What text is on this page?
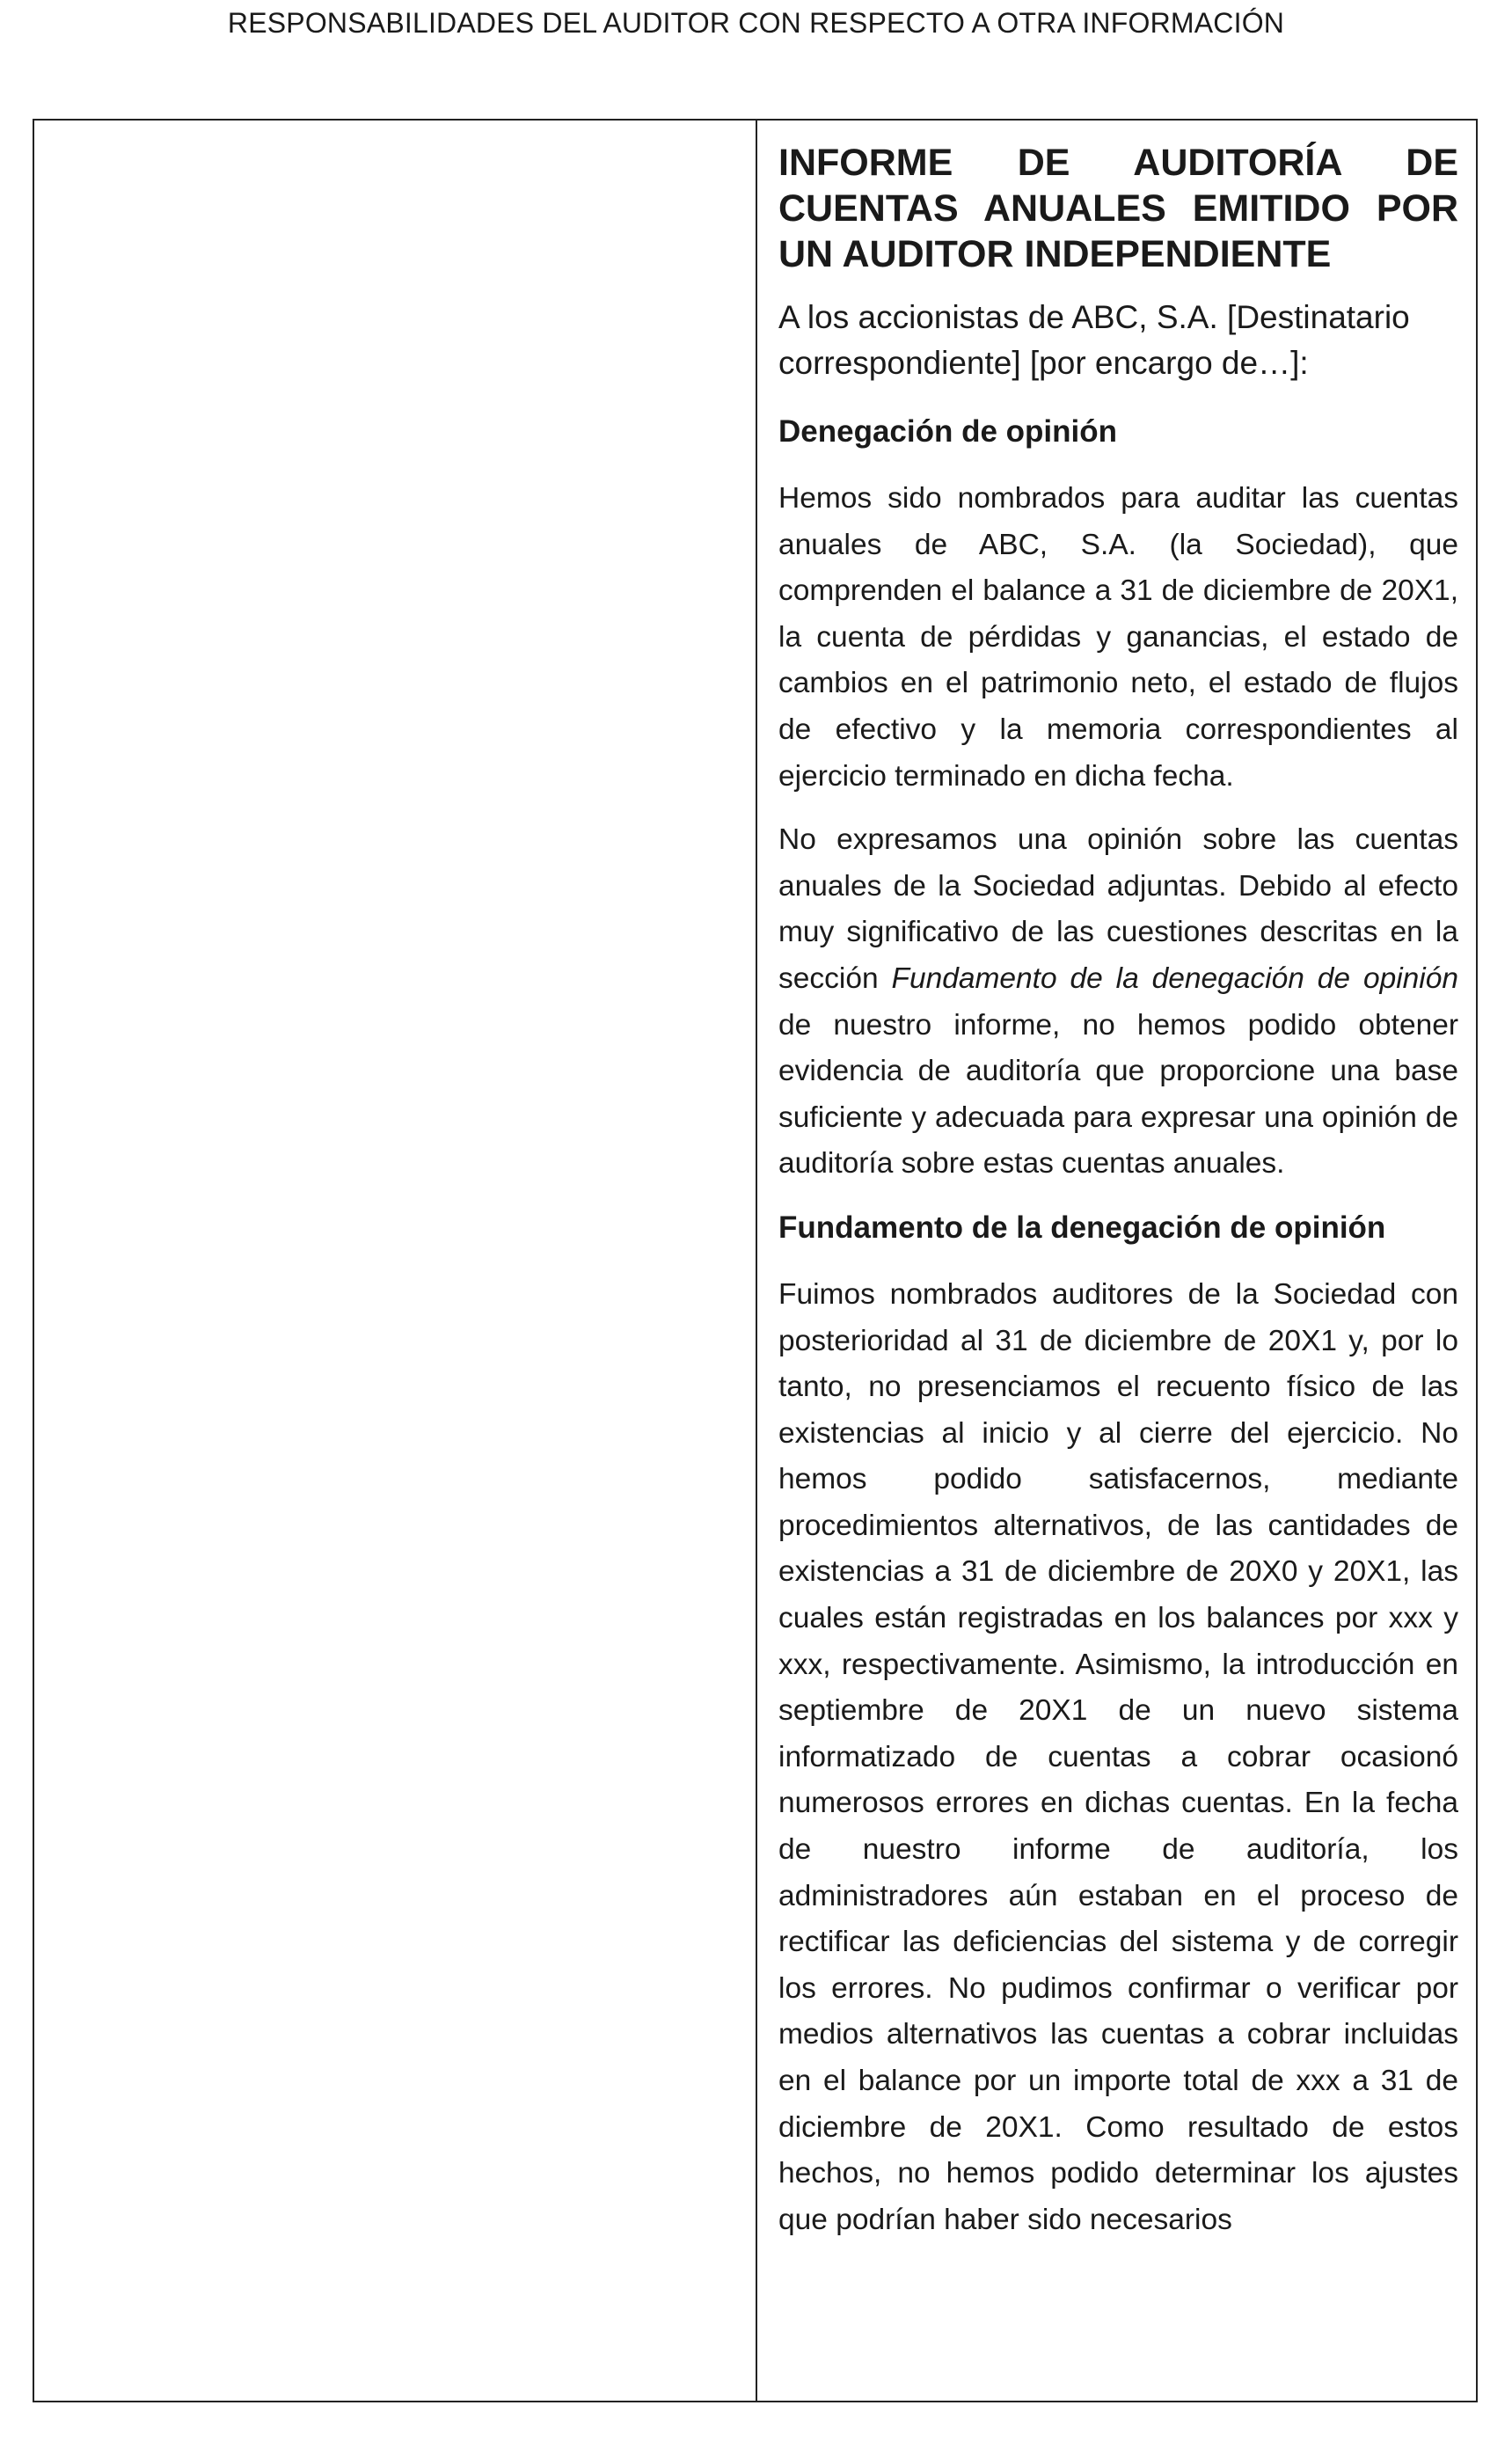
RESPONSABILIDADES DEL AUDITOR CON RESPECTO A OTRA INFORMACIÓN
INFORME DE AUDITORÍA DE CUENTAS ANUALES EMITIDO POR UN AUDITOR INDEPENDIENTE

A los accionistas de ABC, S.A. [Destinatario correspondiente] [por encargo de…]:

Denegación de opinión

Hemos sido nombrados para auditar las cuentas anuales de ABC, S.A. (la Sociedad), que comprenden el balance a 31 de diciembre de 20X1, la cuenta de pérdidas y ganancias, el estado de cambios en el patrimonio neto, el estado de flujos de efectivo y la memoria correspondientes al ejercicio terminado en dicha fecha.

No expresamos una opinión sobre las cuentas anuales de la Sociedad adjuntas. Debido al efecto muy significativo de las cuestiones descritas en la sección Fundamento de la denegación de opinión de nuestro informe, no hemos podido obtener evidencia de auditoría que proporcione una base suficiente y adecuada para expresar una opinión de auditoría sobre estas cuentas anuales.

Fundamento de la denegación de opinión

Fuimos nombrados auditores de la Sociedad con posterioridad al 31 de diciembre de 20X1 y, por lo tanto, no presenciamos el recuento físico de las existencias al inicio y al cierre del ejercicio. No hemos podido satisfacernos, mediante procedimientos alternativos, de las cantidades de existencias a 31 de diciembre de 20X0 y 20X1, las cuales están registradas en los balances por xxx y xxx, respectivamente. Asimismo, la introducción en septiembre de 20X1 de un nuevo sistema informatizado de cuentas a cobrar ocasionó numerosos errores en dichas cuentas. En la fecha de nuestro informe de auditoría, los administradores aún estaban en el proceso de rectificar las deficiencias del sistema y de corregir los errores. No pudimos confirmar o verificar por medios alternativos las cuentas a cobrar incluidas en el balance por un importe total de xxx a 31 de diciembre de 20X1. Como resultado de estos hechos, no hemos podido determinar los ajustes que podrían haber sido necesarios
